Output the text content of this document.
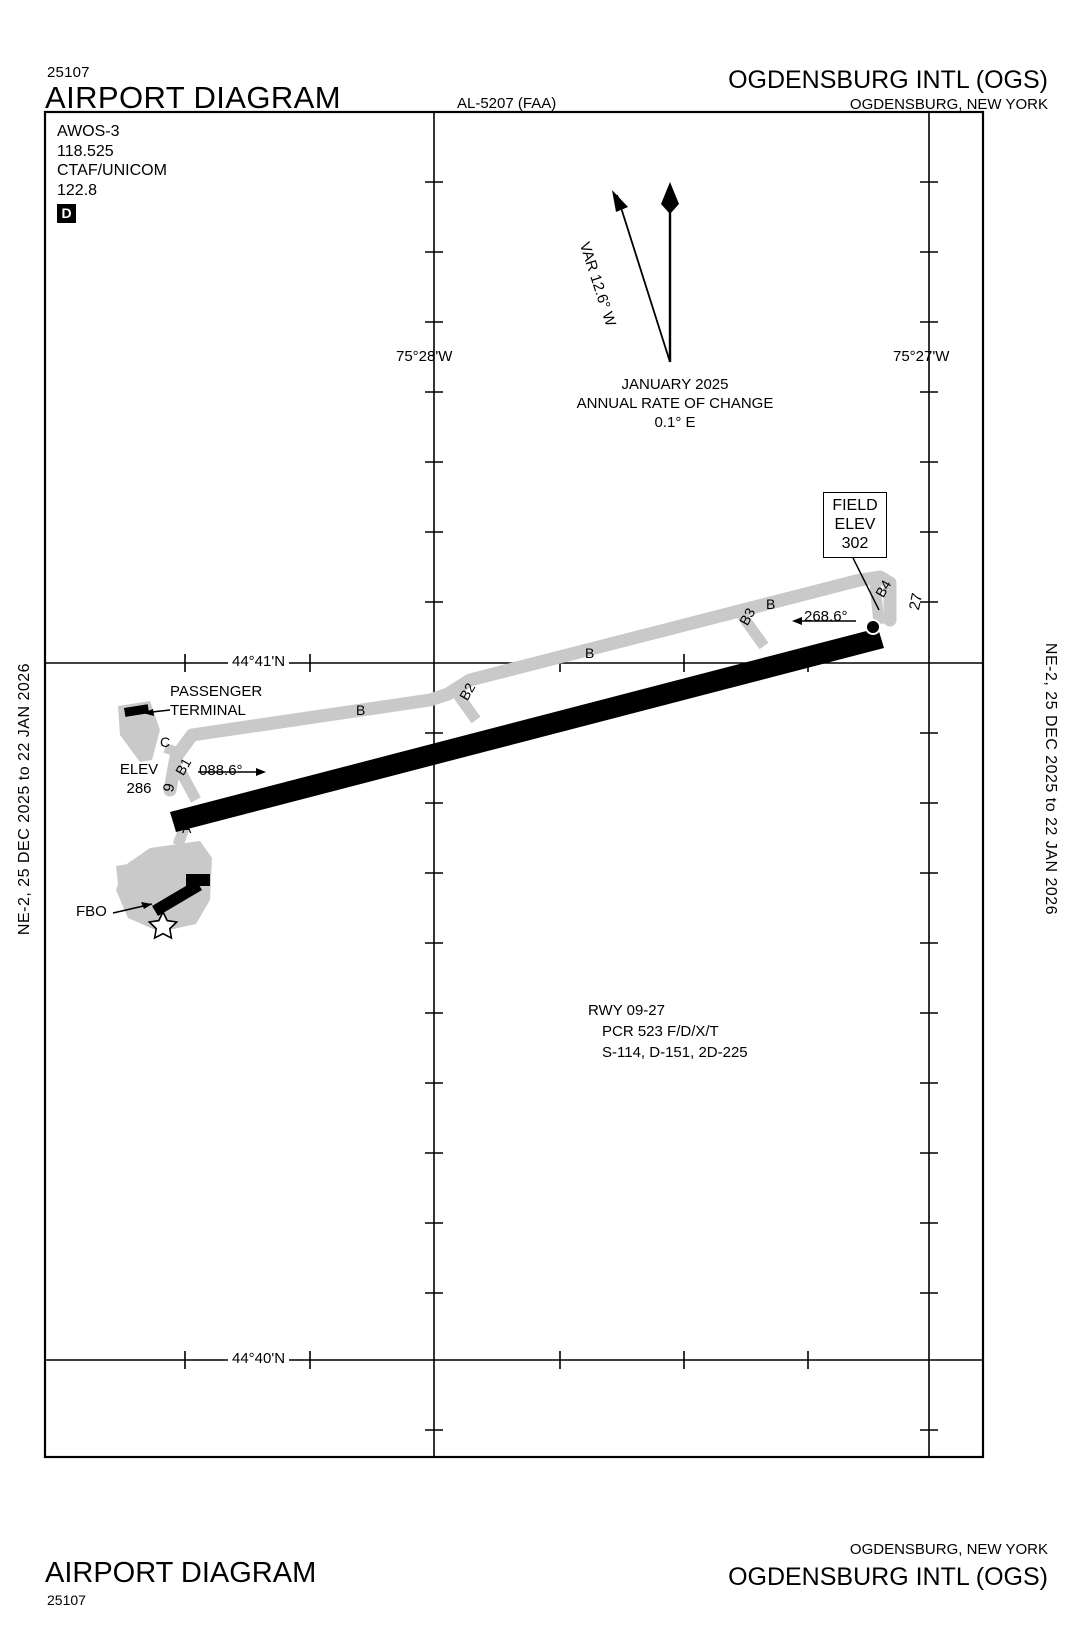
25107
AIRPORT DIAGRAM	AL-5207 (FAA)
OGDENSBURG INTL (OGS)
OGDENSBURG, NEW YORK
AIRPORT DIAGRAM
25107
OGDENSBURG, NEW YORK
OGDENSBURG INTL (OGS)
NE-2, 25 DEC 2025 to 22 JAN 2026	NE-2, 25 DEC 2025 to 22 JAN 2026
AWOS-3
118.525
CTAF/UNICOM
122.8
D
FIELD
ELEV
302
VAR 12.6° W
JANUARY 2025
ANNUAL RATE OF CHANGE
0.1° E
75°28'W	75°27'W
44°41'N
44°40'N
6400 X 150
088.6°
268.6°
9
27
ELEV
286
B
B
B
B1
B2
B3
B4
A
C
PASSENGER
TERMINAL
FBO
RWY 09-27
PCR 523 F/D/X/T
S-114, D-151, 2D-225
